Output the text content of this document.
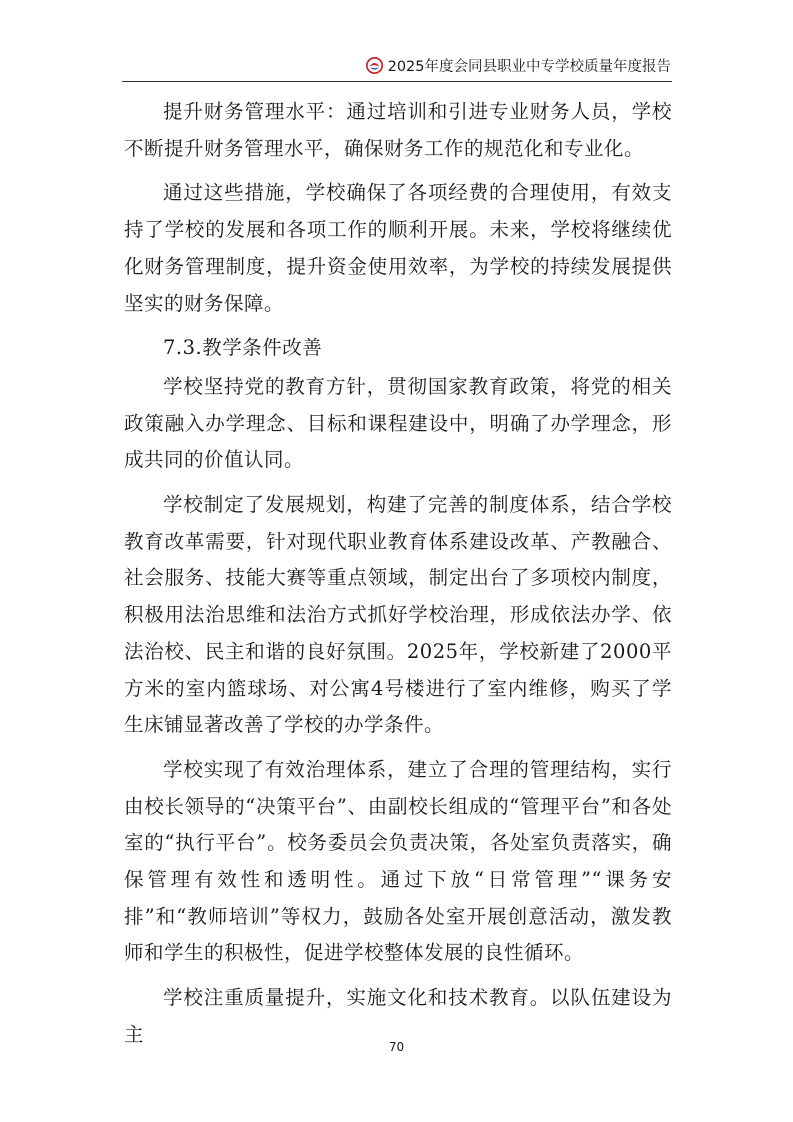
2025年度会同县职业中专学校质量年度报告

提升财务管理水平：通过培训和引进专业财务人员，学校不断提升财务管理水平，确保财务工作的规范化和专业化。

通过这些措施，学校确保了各项经费的合理使用，有效支持了学校的发展和各项工作的顺利开展。未来，学校将继续优化财务管理制度，提升资金使用效率，为学校的持续发展提供坚实的财务保障。

7.3.教学条件改善

学校坚持党的教育方针，贯彻国家教育政策，将党的相关政策融入办学理念、目标和课程建设中，明确了办学理念，形成共同的价值认同。

学校制定了发展规划，构建了完善的制度体系，结合学校教育改革需要，针对现代职业教育体系建设改革、产教融合、社会服务、技能大赛等重点领域，制定出台了多项校内制度，积极用法治思维和法治方式抓好学校治理，形成依法办学、依法治校、民主和谐的良好氛围。2025年，学校新建了2000平方米的室内篮球场、对公寓4号楼进行了室内维修，购买了学生床铺显著改善了学校的办学条件。

学校实现了有效治理体系，建立了合理的管理结构，实行由校长领导的“决策平台”、由副校长组成的“管理平台”和各处室的“执行平台”。校务委员会负责决策，各处室负责落实，确保管理有效性和透明性。通过下放“日常管理”“课务安排”和“教师培训”等权力，鼓励各处室开展创意活动，激发教师和学生的积极性，促进学校整体发展的良性循环。

学校注重质量提升，实施文化和技术教育。以队伍建设为主

70
